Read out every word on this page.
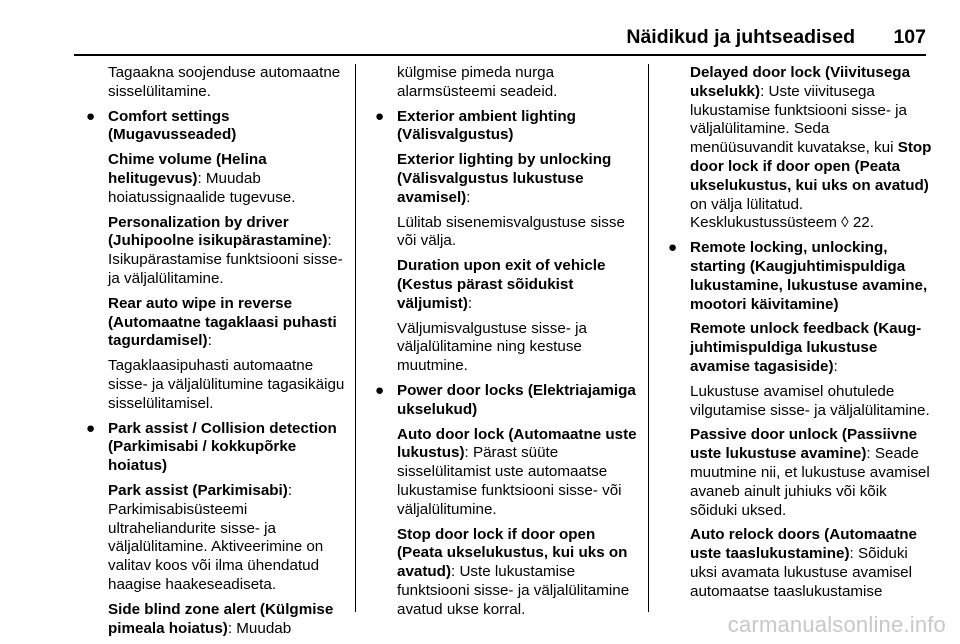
Näidikud ja juhtseadised 107

Tagaakna soojenduse automaatne sisselülitamine.

● Comfort settings (Mugavusseaded)

Chime volume (Helina helitugevus): Muudab hoiatussignaalide tugevuse.

Personalization by driver (Juhipoolne isikupärastamine): Isikupärastamise funktsiooni sisse- ja väljalülitamine.

Rear auto wipe in reverse (Automaatne tagaklaasi puhasti tagurdamisel):

Tagaklaasipuhasti automaatne sisse- ja väljalülitumine tagasikäigu sisselülitamisel.

● Park assist / Collision detection (Parkimisabi / kokkupõrke hoiatus)

Park assist (Parkimisabi): Parkimisabisüsteemi ultraheliandurite sisse- ja väljalülitamine. Aktiveerimine on valitav koos või ilma ühendatud haagise haakeseadiseta.

Side blind zone alert (Külgmise pimeala hoiatus): Muudab

külgmise pimeda nurga alarmsüsteemi seadeid.

● Exterior ambient lighting (Välisvalgustus)

Exterior lighting by unlocking (Välisvalgustus lukustuse avamisel):

Lülitab sisenemisvalgustuse sisse või välja.

Duration upon exit of vehicle (Kestus pärast sõidukist väljumist):

Väljumisvalgustuse sisse- ja väljalülitamine ning kestuse muutmine.

● Power door locks (Elektriajamiga ukselukud)

Auto door lock (Automaatne uste lukustus): Pärast süüte sisselülitamist uste automaatse lukustamise funktsiooni sisse- või väljalülitumine.

Stop door lock if door open (Peata ukselukustus, kui uks on avatud): Uste lukustamise funktsiooni sisse- ja väljalülitamine avatud ukse korral.

Delayed door lock (Viivitusega ukselukk): Uste viivitusega lukustamise funktsiooni sisse- ja väljalülitamine. Seda menüüsuvandit kuvatakse, kui Stop door lock if door open (Peata ukselukustus, kui uks on avatud) on välja lülitatud. Kesklukustussüsteem ◊ 22.

● Remote locking, unlocking, starting (Kaugjuhtimispuldiga lukustamine, lukustuse avamine, mootori käivitamine)

Remote unlock feedback (Kaug-juhtimispuldiga lukustuse avamise tagasiside):

Lukustuse avamisel ohutulede vilgutamise sisse- ja väljalülitamine.

Passive door unlock (Passiivne uste lukustuse avamine): Seade muutmine nii, et lukustuse avamisel avaneb ainult juhiuks või kõik sõiduki uksed.

Auto relock doors (Automaatne uste taaslukustamine): Sõiduki uksi avamata lukustuse avamisel automaatse taaslukustamise

carmanualsonline.info
